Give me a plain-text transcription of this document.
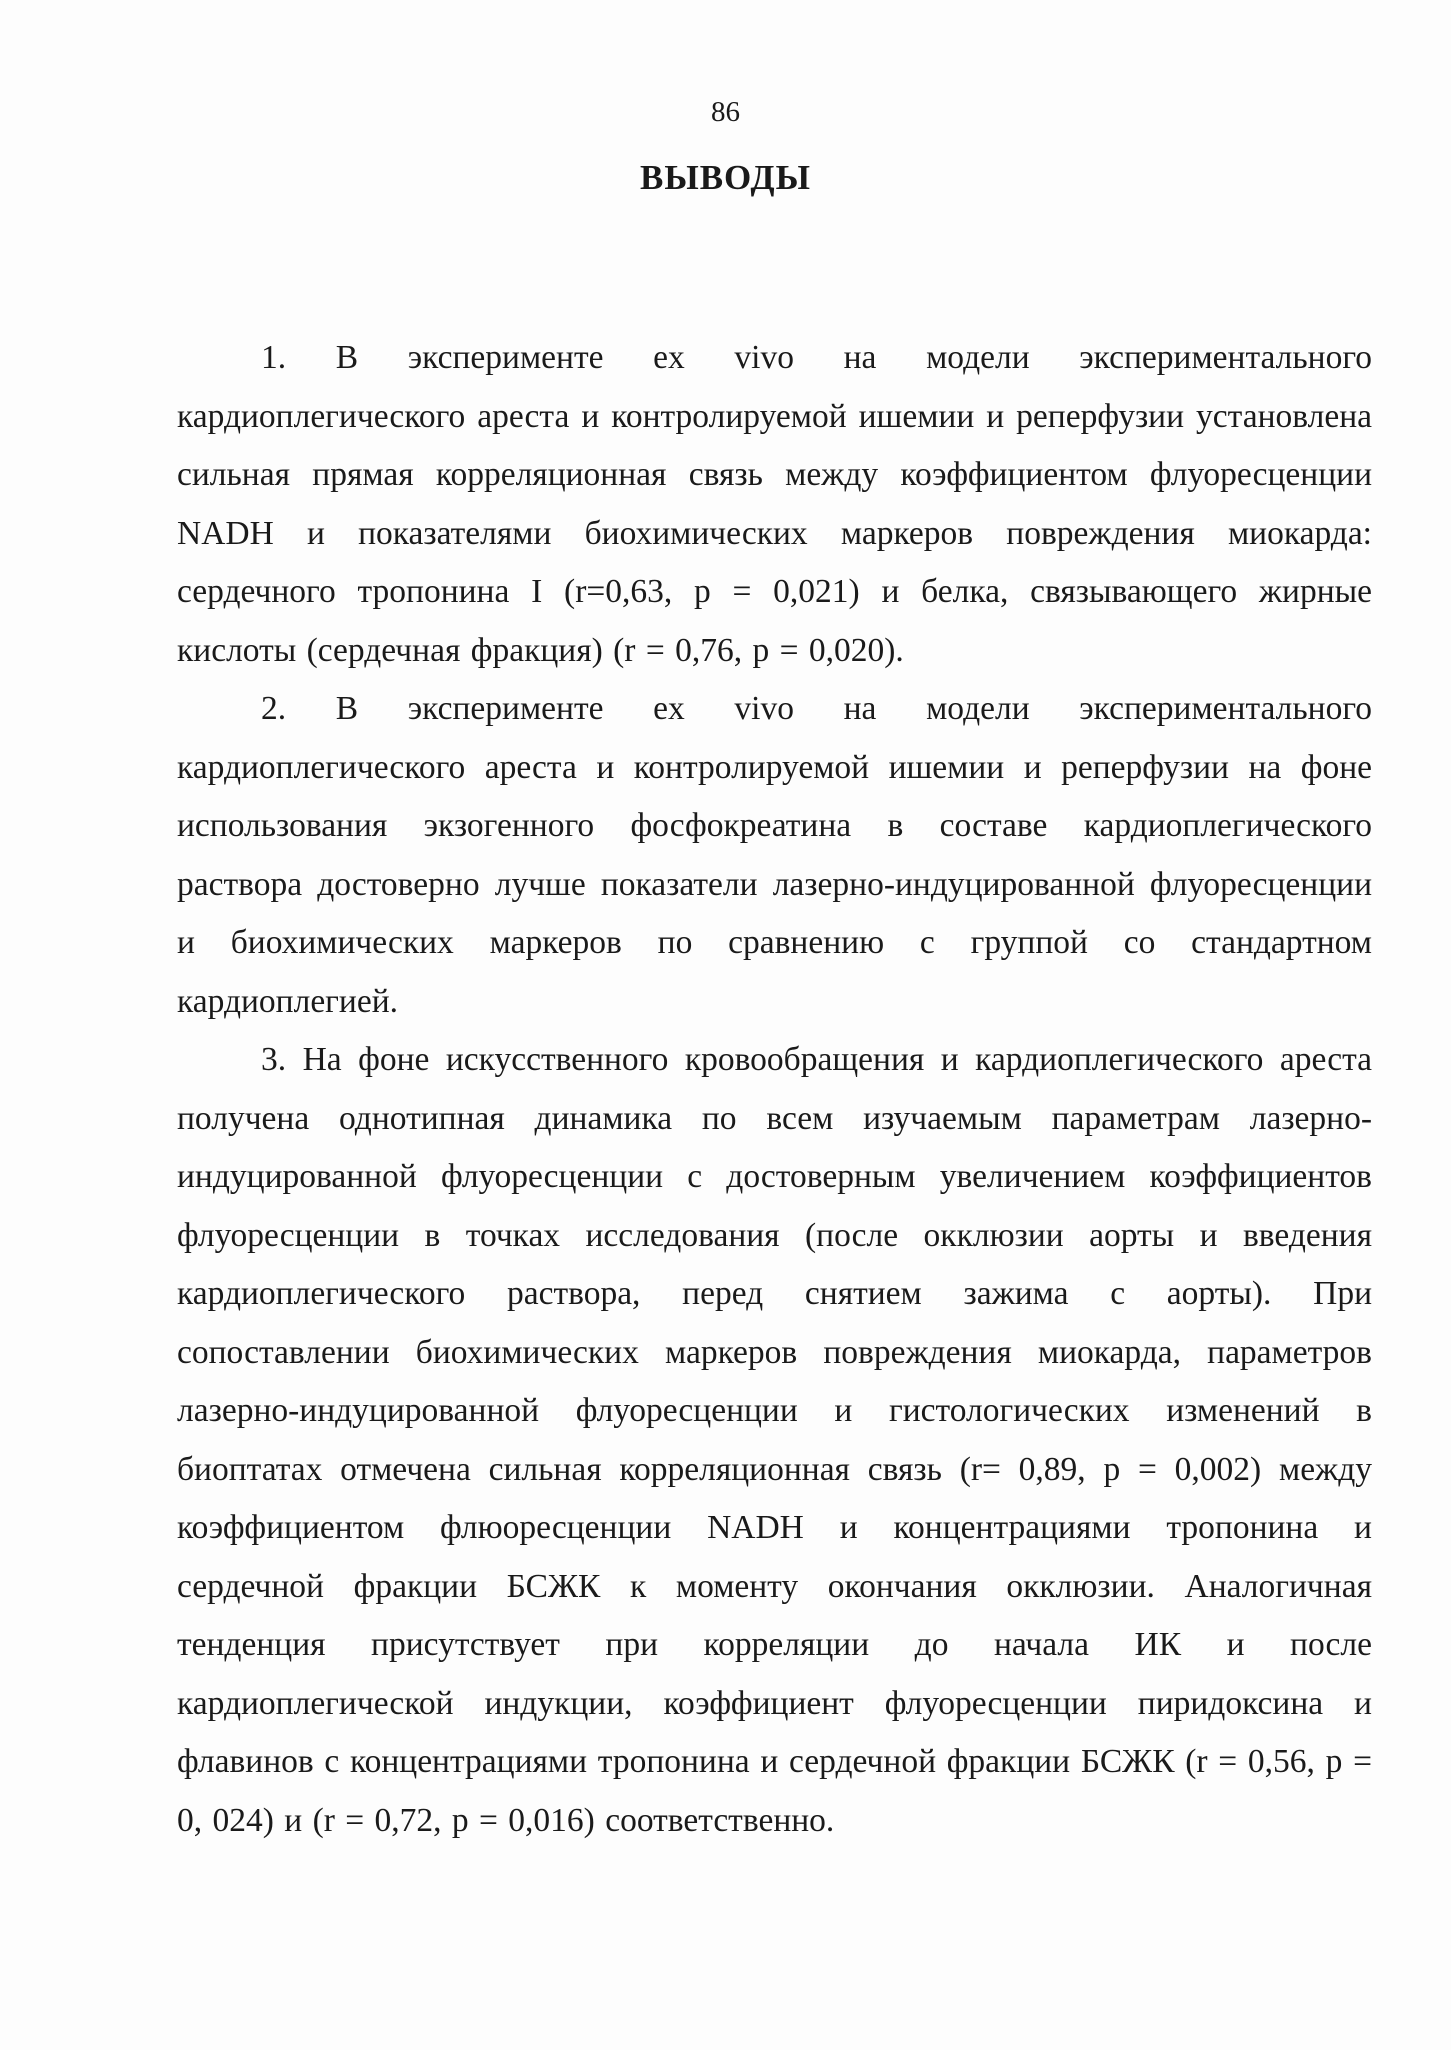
86
ВЫВОДЫ

1. В эксперименте ex vivo на модели экспериментального кардиоплегического ареста и контролируемой ишемии и реперфузии установлена сильная прямая корреляционная связь между коэффициентом флуоресценции NADH и показателями биохимических маркеров повреждения миокарда: сердечного тропонина I (r=0,63, p = 0,021) и белка, связывающего жирные кислоты (сердечная фракция) (r = 0,76, p = 0,020).

2. В эксперименте ex vivo на модели экспериментального кардиоплегического ареста и контролируемой ишемии и реперфузии на фоне использования экзогенного фосфокреатина в составе кардиоплегического раствора достоверно лучше показатели лазерно-индуцированной флуоресценции и биохимических маркеров по сравнению с группой со стандартном кардиоплегией.

3. На фоне искусственного кровообращения и кардиоплегического ареста получена однотипная динамика по всем изучаемым параметрам лазерно-индуцированной флуоресценции с достоверным увеличением коэффициентов флуоресценции в точках исследования (после окклюзии аорты и введения кардиоплегического раствора, перед снятием зажима с аорты). При сопоставлении биохимических маркеров повреждения миокарда, параметров лазерно-индуцированной флуоресценции и гистологических изменений в биоптатах отмечена сильная корреляционная связь (r= 0,89, p = 0,002) между коэффициентом флюоресценции NADH и концентрациями тропонина и сердечной фракции БСЖК к моменту окончания окклюзии. Аналогичная тенденция присутствует при корреляции до начала ИК и после кардиоплегической индукции, коэффициент флуоресценции пиридоксина и флавинов с концентрациями тропонина и сердечной фракции БСЖК (r = 0,56, p = 0, 024) и (r = 0,72, p = 0,016) соответственно.
